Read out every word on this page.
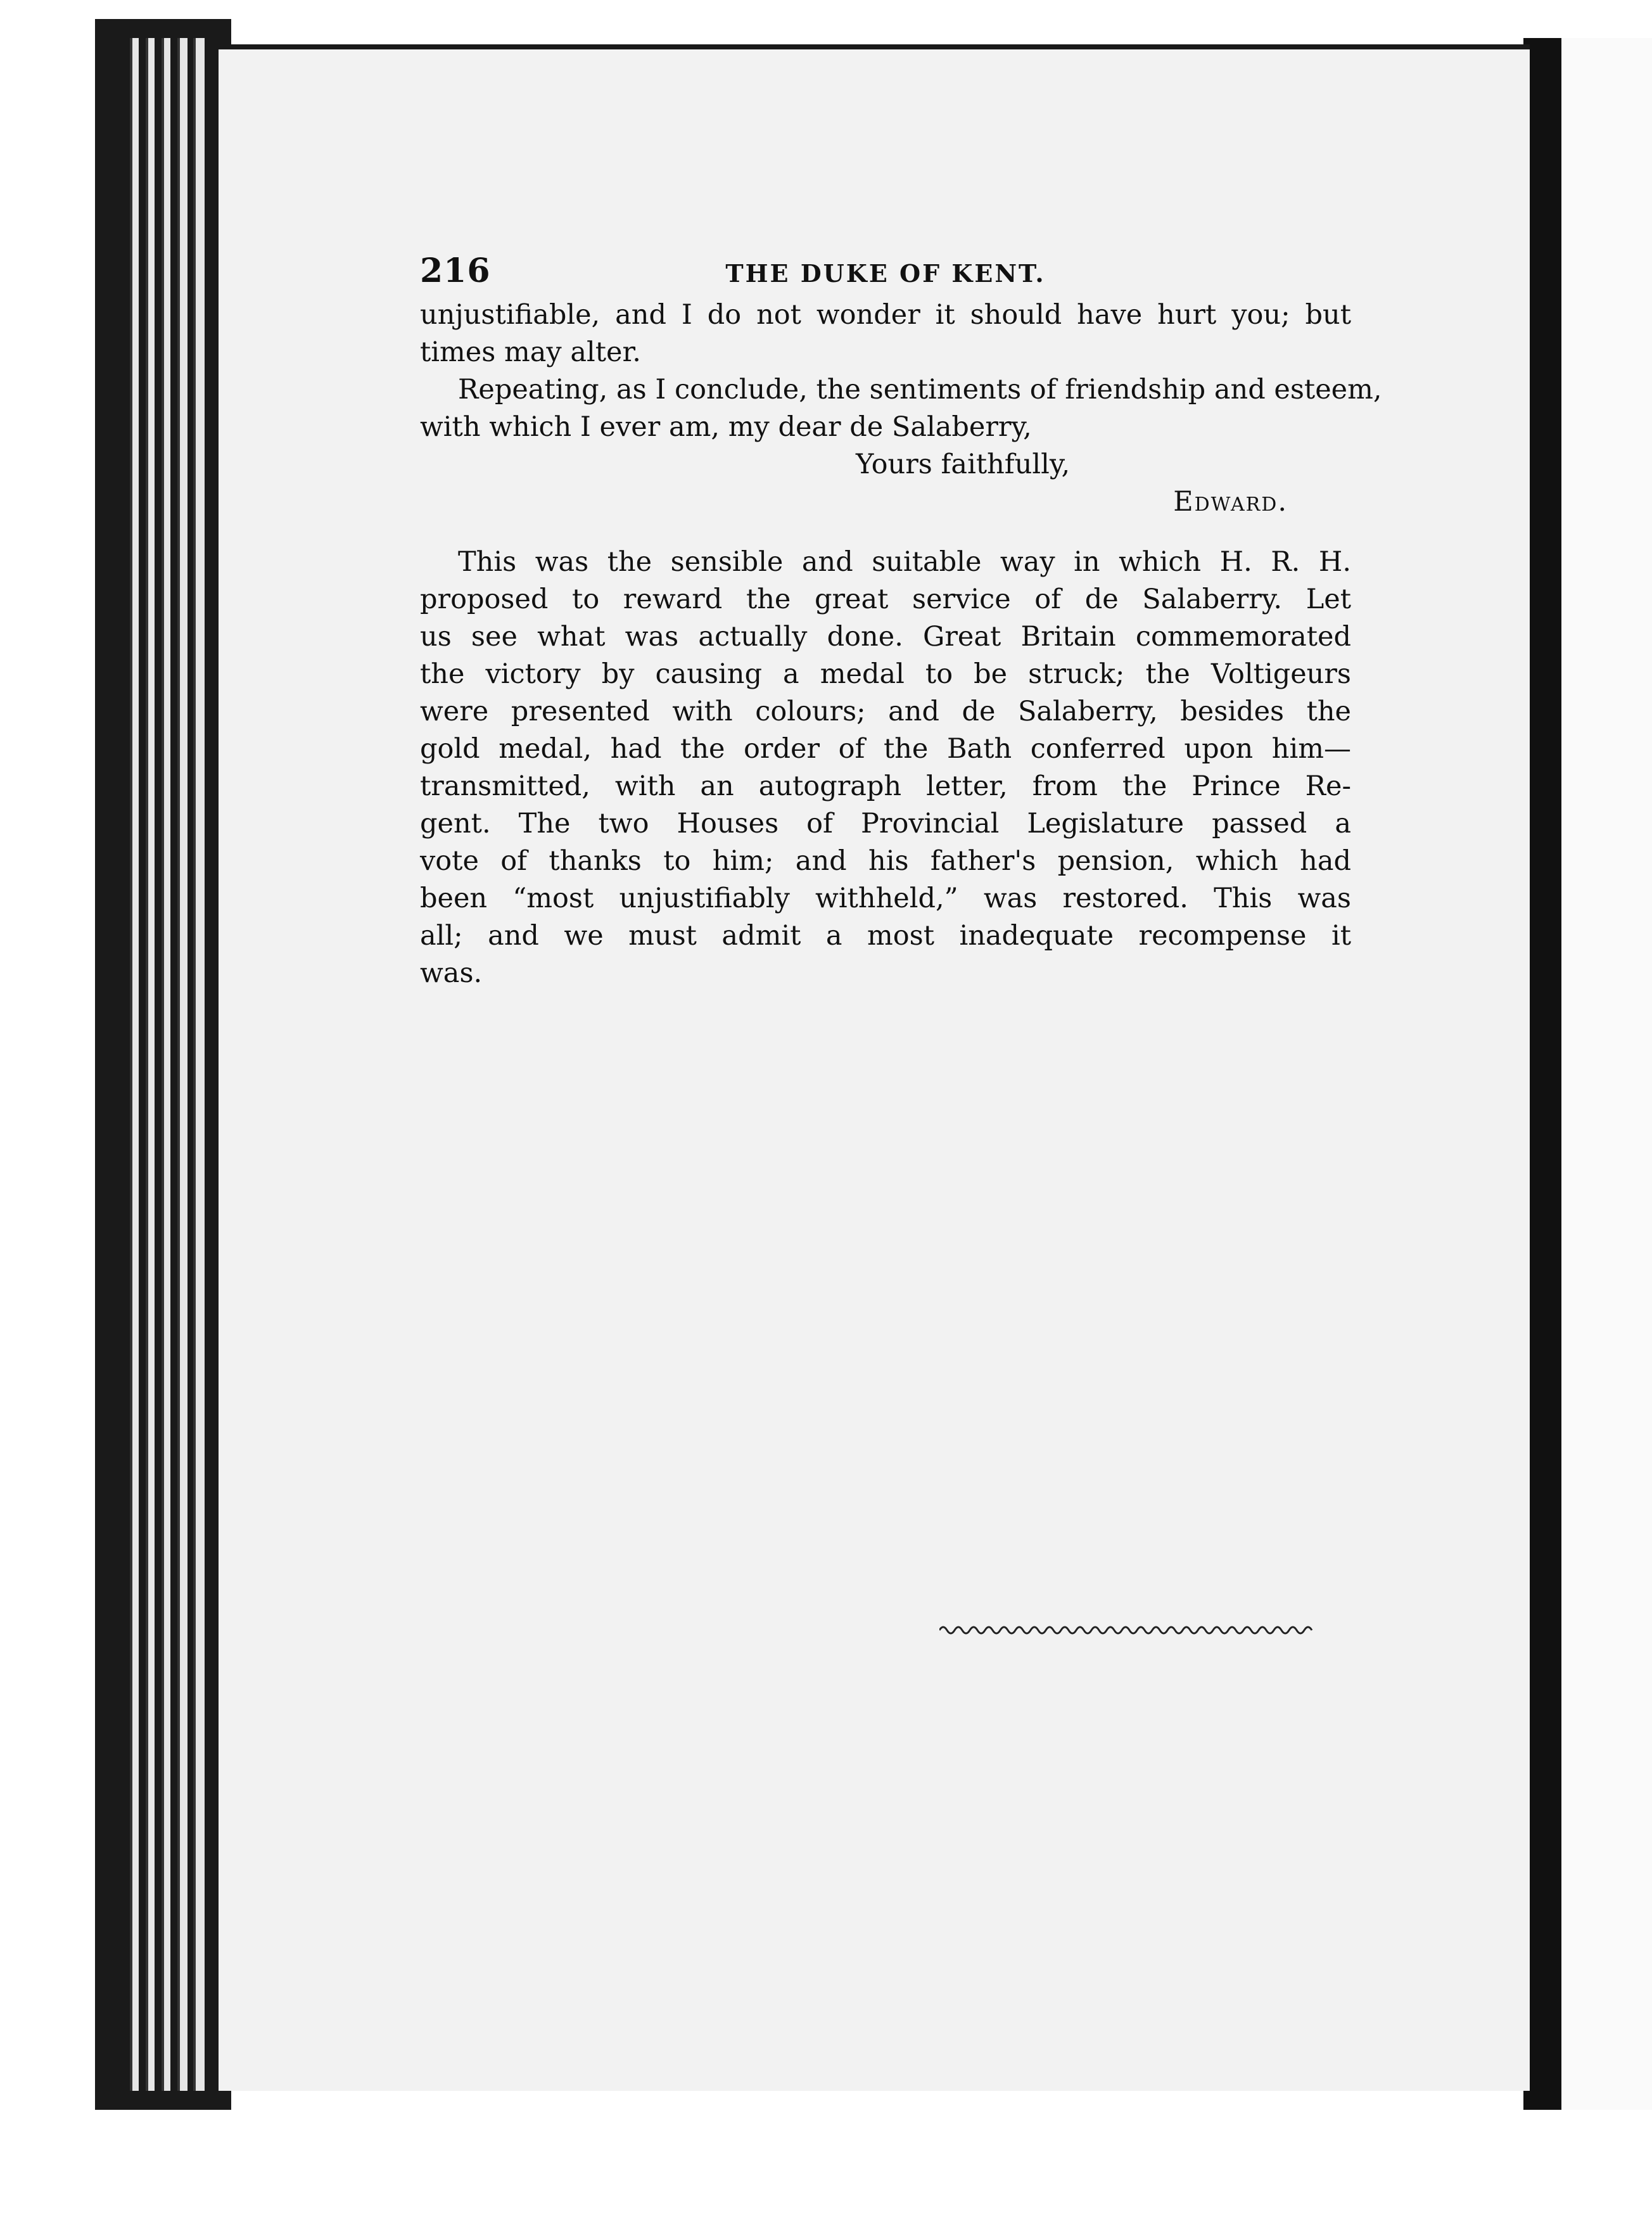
216	THE DUKE OF KENT.
unjustifiable, and I do not wonder it should have hurt you; but
times may alter.
Repeating, as I conclude, the sentiments of friendship and esteem,
with which I ever am, my dear de Salaberry,
Yours faithfully,
Edward.
This was the sensible and suitable way in which H. R. H.
proposed to reward the great service of de Salaberry. Let
us see what was actually done. Great Britain commemorated
the victory by causing a medal to be struck; the Voltigeurs
were presented with colours; and de Salaberry, besides the
gold medal, had the order of the Bath conferred upon him—
transmitted, with an autograph letter, from the Prince Re-
gent. The two Houses of Provincial Legislature passed a
vote of thanks to him; and his father's pension, which had
been “most unjustifiably withheld,” was restored. This was
all; and we must admit a most inadequate recompense it
was.
